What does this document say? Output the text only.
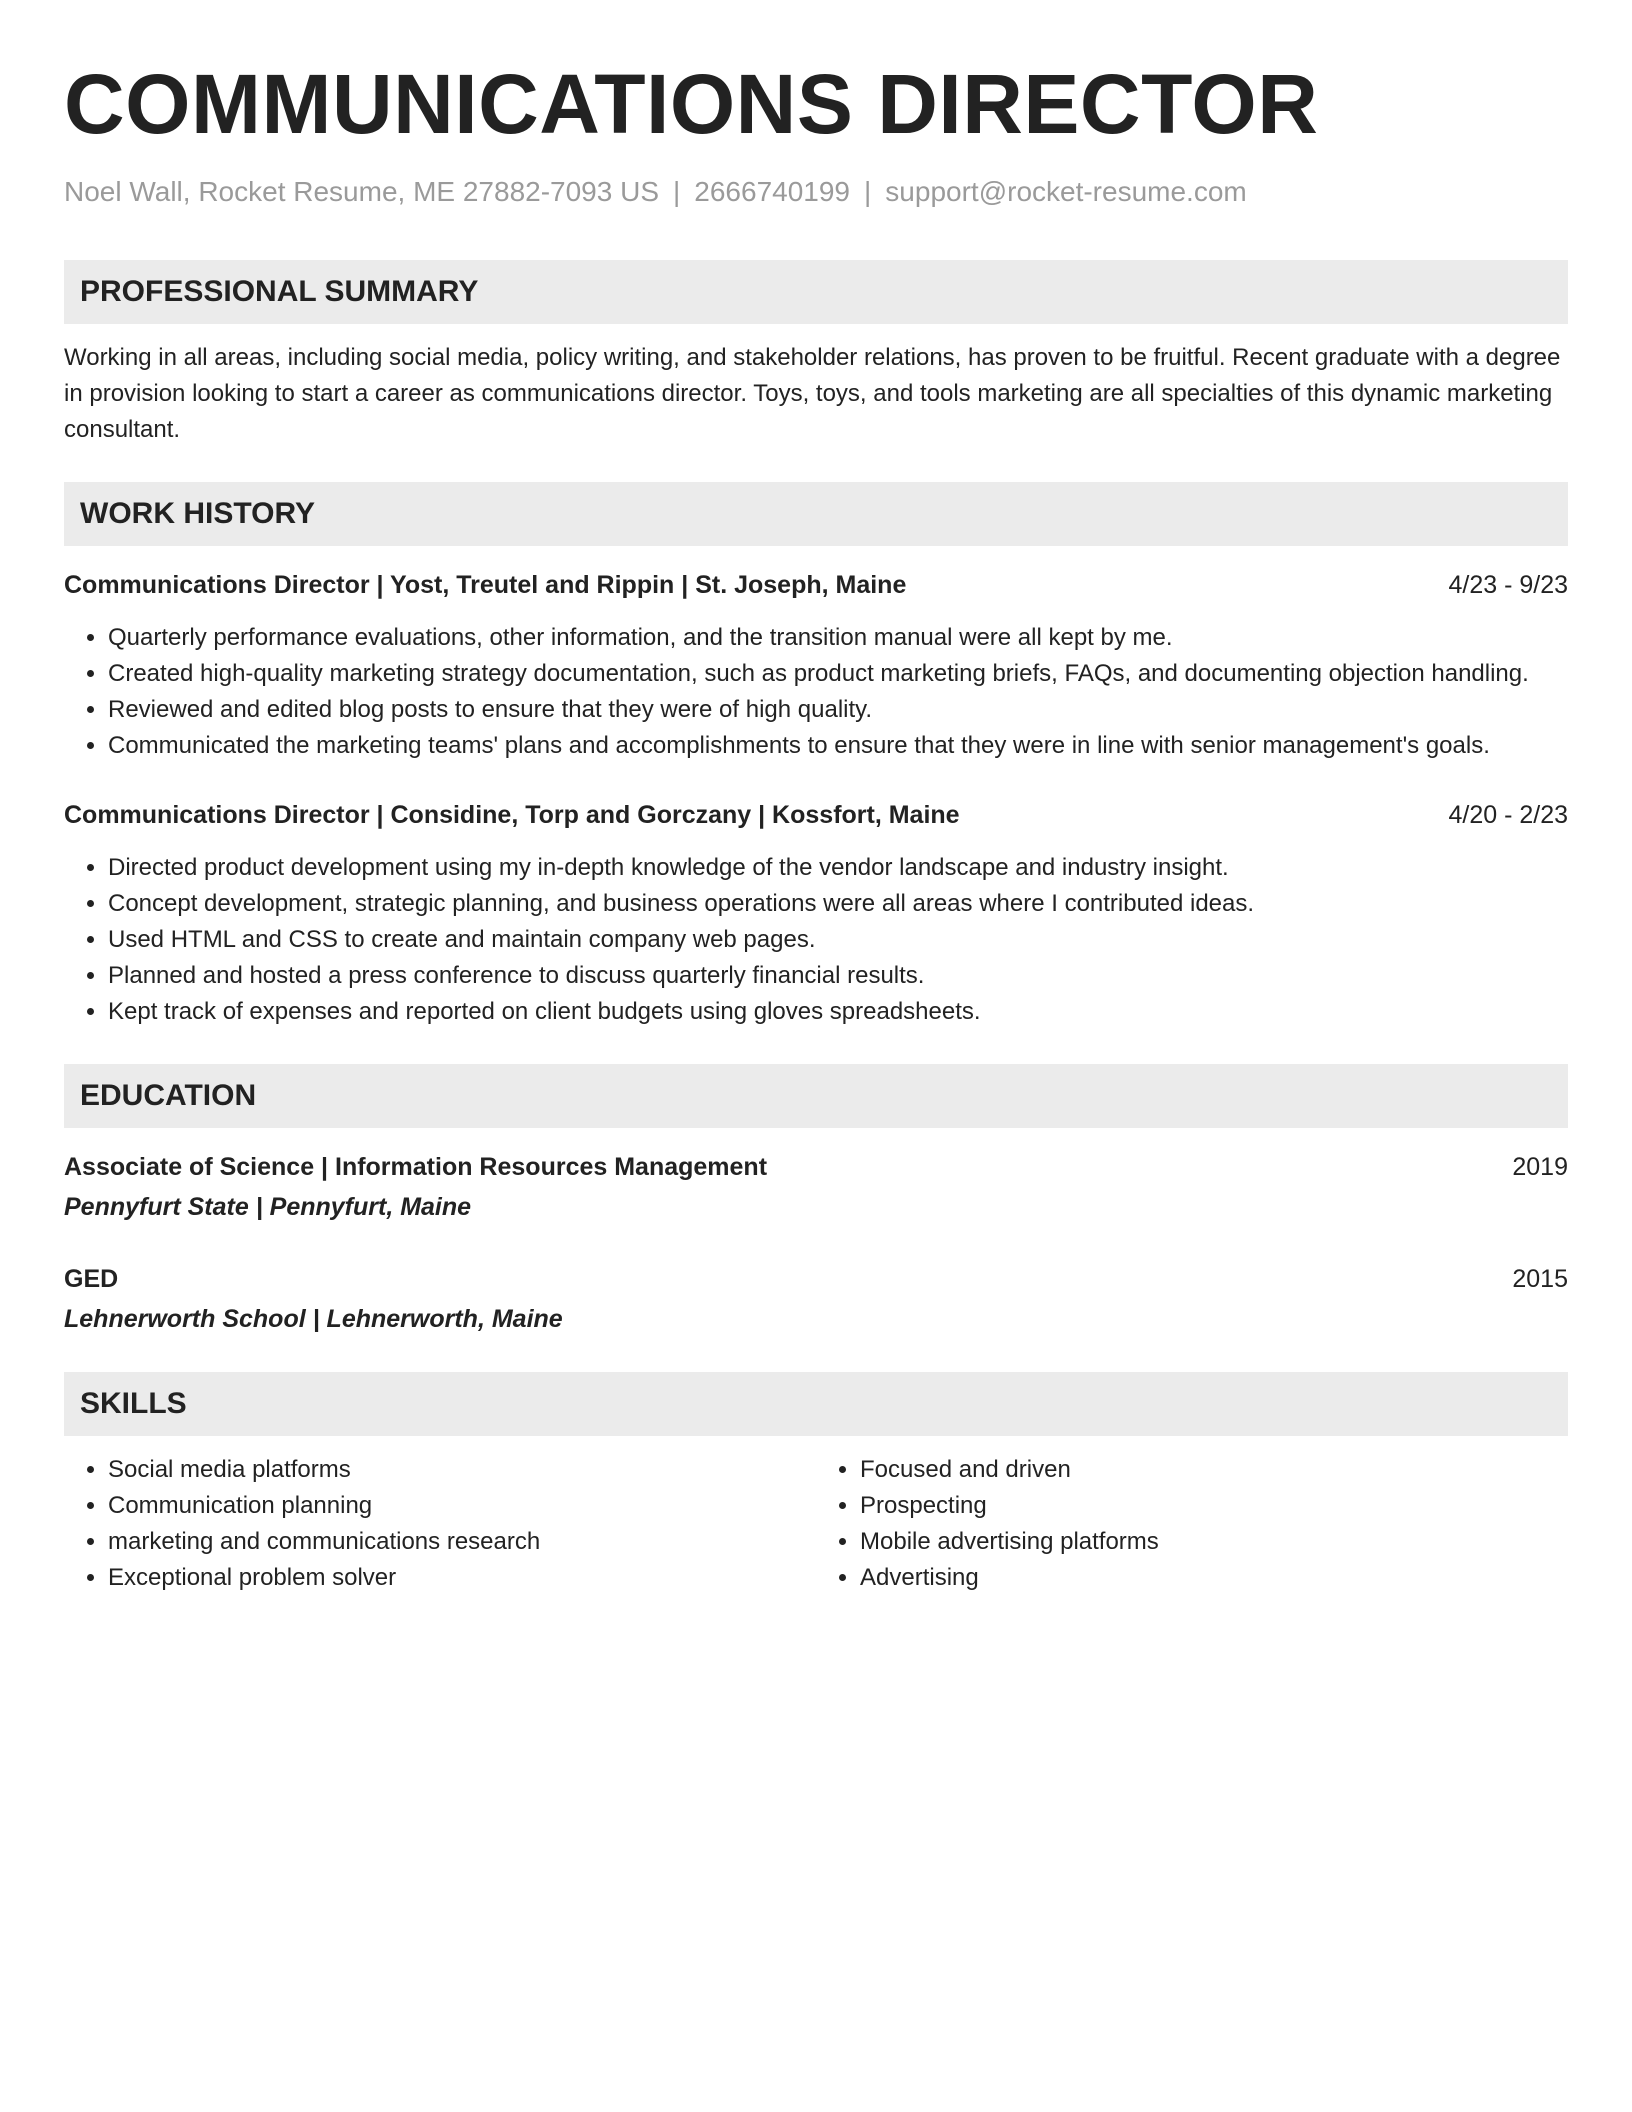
COMMUNICATIONS DIRECTOR
Noel Wall, Rocket Resume, ME 27882-7093 US | 2666740199 | support@rocket-resume.com
PROFESSIONAL SUMMARY
Working in all areas, including social media, policy writing, and stakeholder relations, has proven to be fruitful. Recent graduate with a degree in provision looking to start a career as communications director. Toys, toys, and tools marketing are all specialties of this dynamic marketing consultant.
WORK HISTORY
Communications Director | Yost, Treutel and Rippin | St. Joseph, Maine	4/23 - 9/23
• Quarterly performance evaluations, other information, and the transition manual were all kept by me.
• Created high-quality marketing strategy documentation, such as product marketing briefs, FAQs, and documenting objection handling.
• Reviewed and edited blog posts to ensure that they were of high quality.
• Communicated the marketing teams' plans and accomplishments to ensure that they were in line with senior management's goals.
Communications Director | Considine, Torp and Gorczany | Kossfort, Maine	4/20 - 2/23
• Directed product development using my in-depth knowledge of the vendor landscape and industry insight.
• Concept development, strategic planning, and business operations were all areas where I contributed ideas.
• Used HTML and CSS to create and maintain company web pages.
• Planned and hosted a press conference to discuss quarterly financial results.
• Kept track of expenses and reported on client budgets using gloves spreadsheets.
EDUCATION
Associate of Science | Information Resources Management	2019
Pennyfurt State | Pennyfurt, Maine
GED	2015
Lehnerworth School | Lehnerworth, Maine
SKILLS
• Social media platforms
• Communication planning
• marketing and communications research
• Exceptional problem solver
• Focused and driven
• Prospecting
• Mobile advertising platforms
• Advertising
